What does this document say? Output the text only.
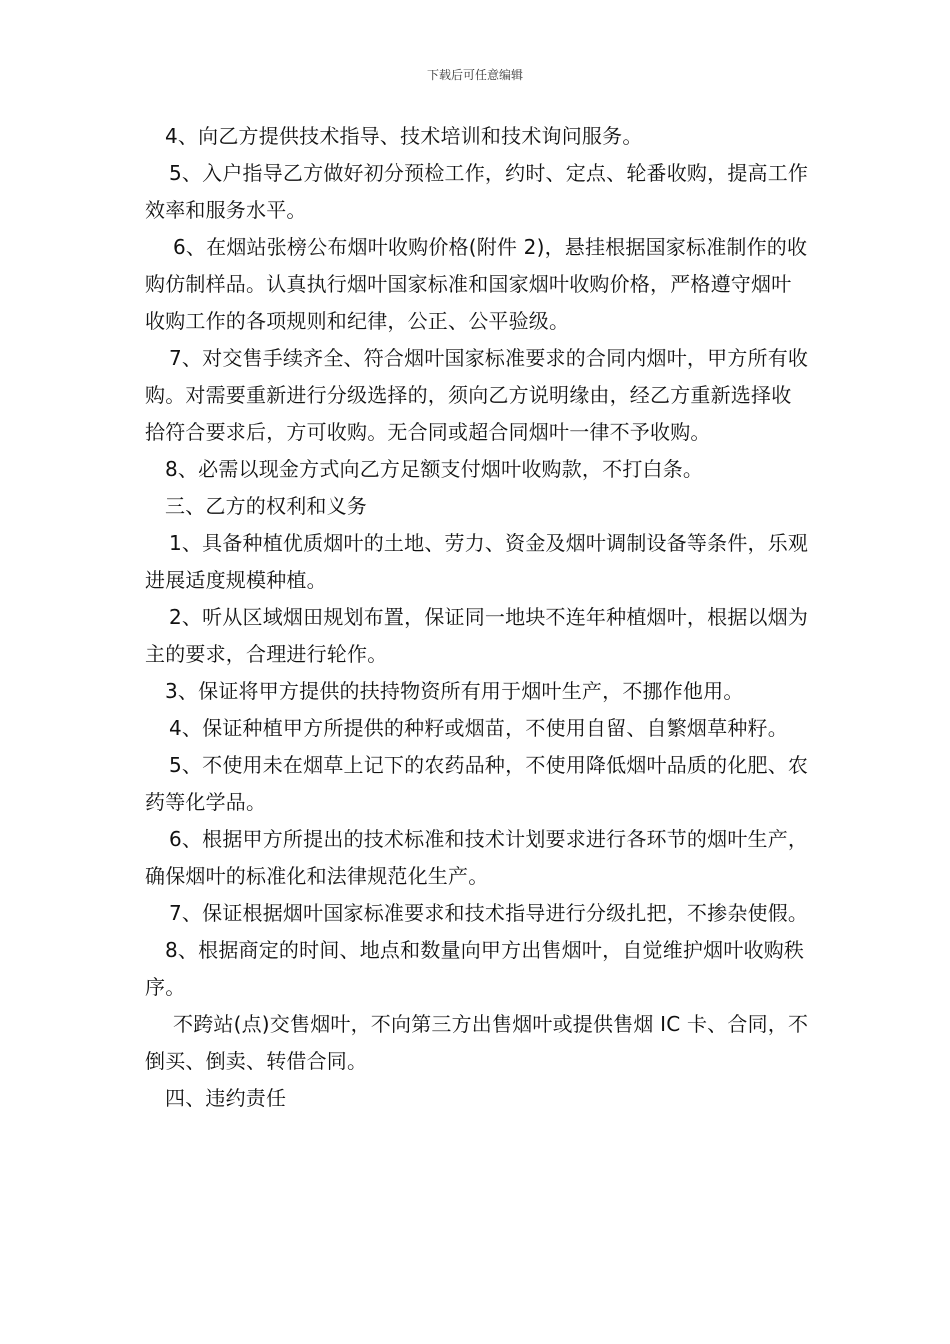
下载后可任意编辑

4、向乙方提供技术指导、技术培训和技术询问服务。

5、入户指导乙方做好初分预检工作，约时、定点、轮番收购，提高工作效率和服务水平。

6、在烟站张榜公布烟叶收购价格(附件 2)，悬挂根据国家标准制作的收购仿制样品。认真执行烟叶国家标准和国家烟叶收购价格，严格遵守烟叶收购工作的各项规则和纪律，公正、公平验级。

7、对交售手续齐全、符合烟叶国家标准要求的合同内烟叶，甲方所有收购。对需要重新进行分级选择的，须向乙方说明缘由，经乙方重新选择收拾符合要求后，方可收购。无合同或超合同烟叶一律不予收购。

8、必需以现金方式向乙方足额支付烟叶收购款，不打白条。

三、乙方的权利和义务

1、具备种植优质烟叶的土地、劳力、资金及烟叶调制设备等条件，乐观进展适度规模种植。

2、听从区域烟田规划布置，保证同一地块不连年种植烟叶，根据以烟为主的要求，合理进行轮作。

3、保证将甲方提供的扶持物资所有用于烟叶生产，不挪作他用。

4、保证种植甲方所提供的种籽或烟苗，不使用自留、自繁烟草种籽。

5、不使用未在烟草上记下的农药品种，不使用降低烟叶品质的化肥、农药等化学品。

6、根据甲方所提出的技术标准和技术计划要求进行各环节的烟叶生产，确保烟叶的标准化和法律规范化生产。

7、保证根据烟叶国家标准要求和技术指导进行分级扎把，不掺杂使假。

8、根据商定的时间、地点和数量向甲方出售烟叶，自觉维护烟叶收购秩序。

不跨站(点)交售烟叶，不向第三方出售烟叶或提供售烟 IC 卡、合同，不倒买、倒卖、转借合同。

四、违约责任
